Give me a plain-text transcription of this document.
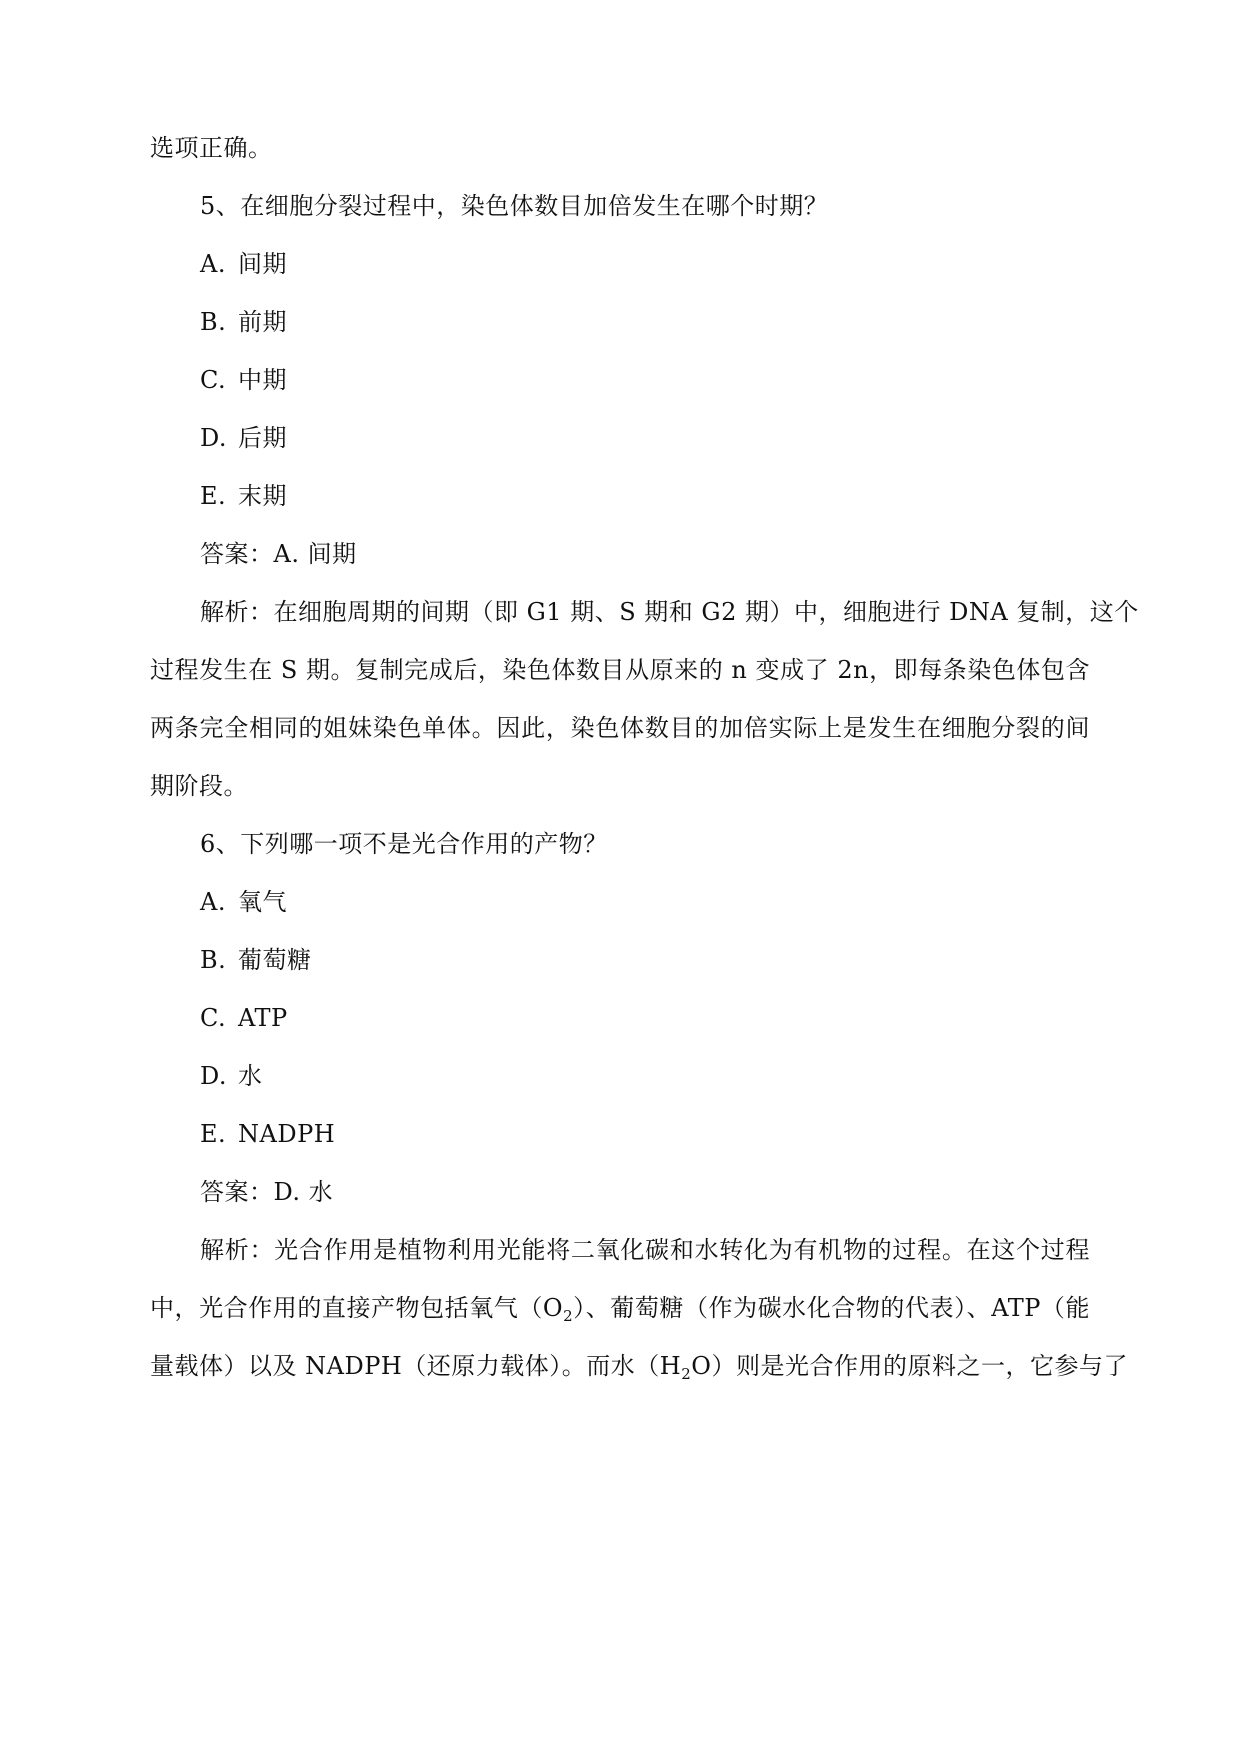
选项正确。
5、在细胞分裂过程中，染色体数目加倍发生在哪个时期？
A. 间期
B. 前期
C. 中期
D. 后期
E. 末期
答案：A. 间期
解析：在细胞周期的间期（即 G1 期、S 期和 G2 期）中，细胞进行 DNA 复制，这个
过程发生在 S 期。复制完成后，染色体数目从原来的 n 变成了 2n，即每条染色体包含
两条完全相同的姐妹染色单体。因此，染色体数目的加倍实际上是发生在细胞分裂的间
期阶段。
6、下列哪一项不是光合作用的产物？
A. 氧气
B. 葡萄糖
C. ATP
D. 水
E. NADPH
答案：D. 水
解析：光合作用是植物利用光能将二氧化碳和水转化为有机物的过程。在这个过程
中，光合作用的直接产物包括氧气$(O_2)$、葡萄糖（作为碳水化合物的代表）、ATP（能
量载体）以及 NADPH（还原力载体）。而水$(H_2O)$则是光合作用的原料之一，它参与了
